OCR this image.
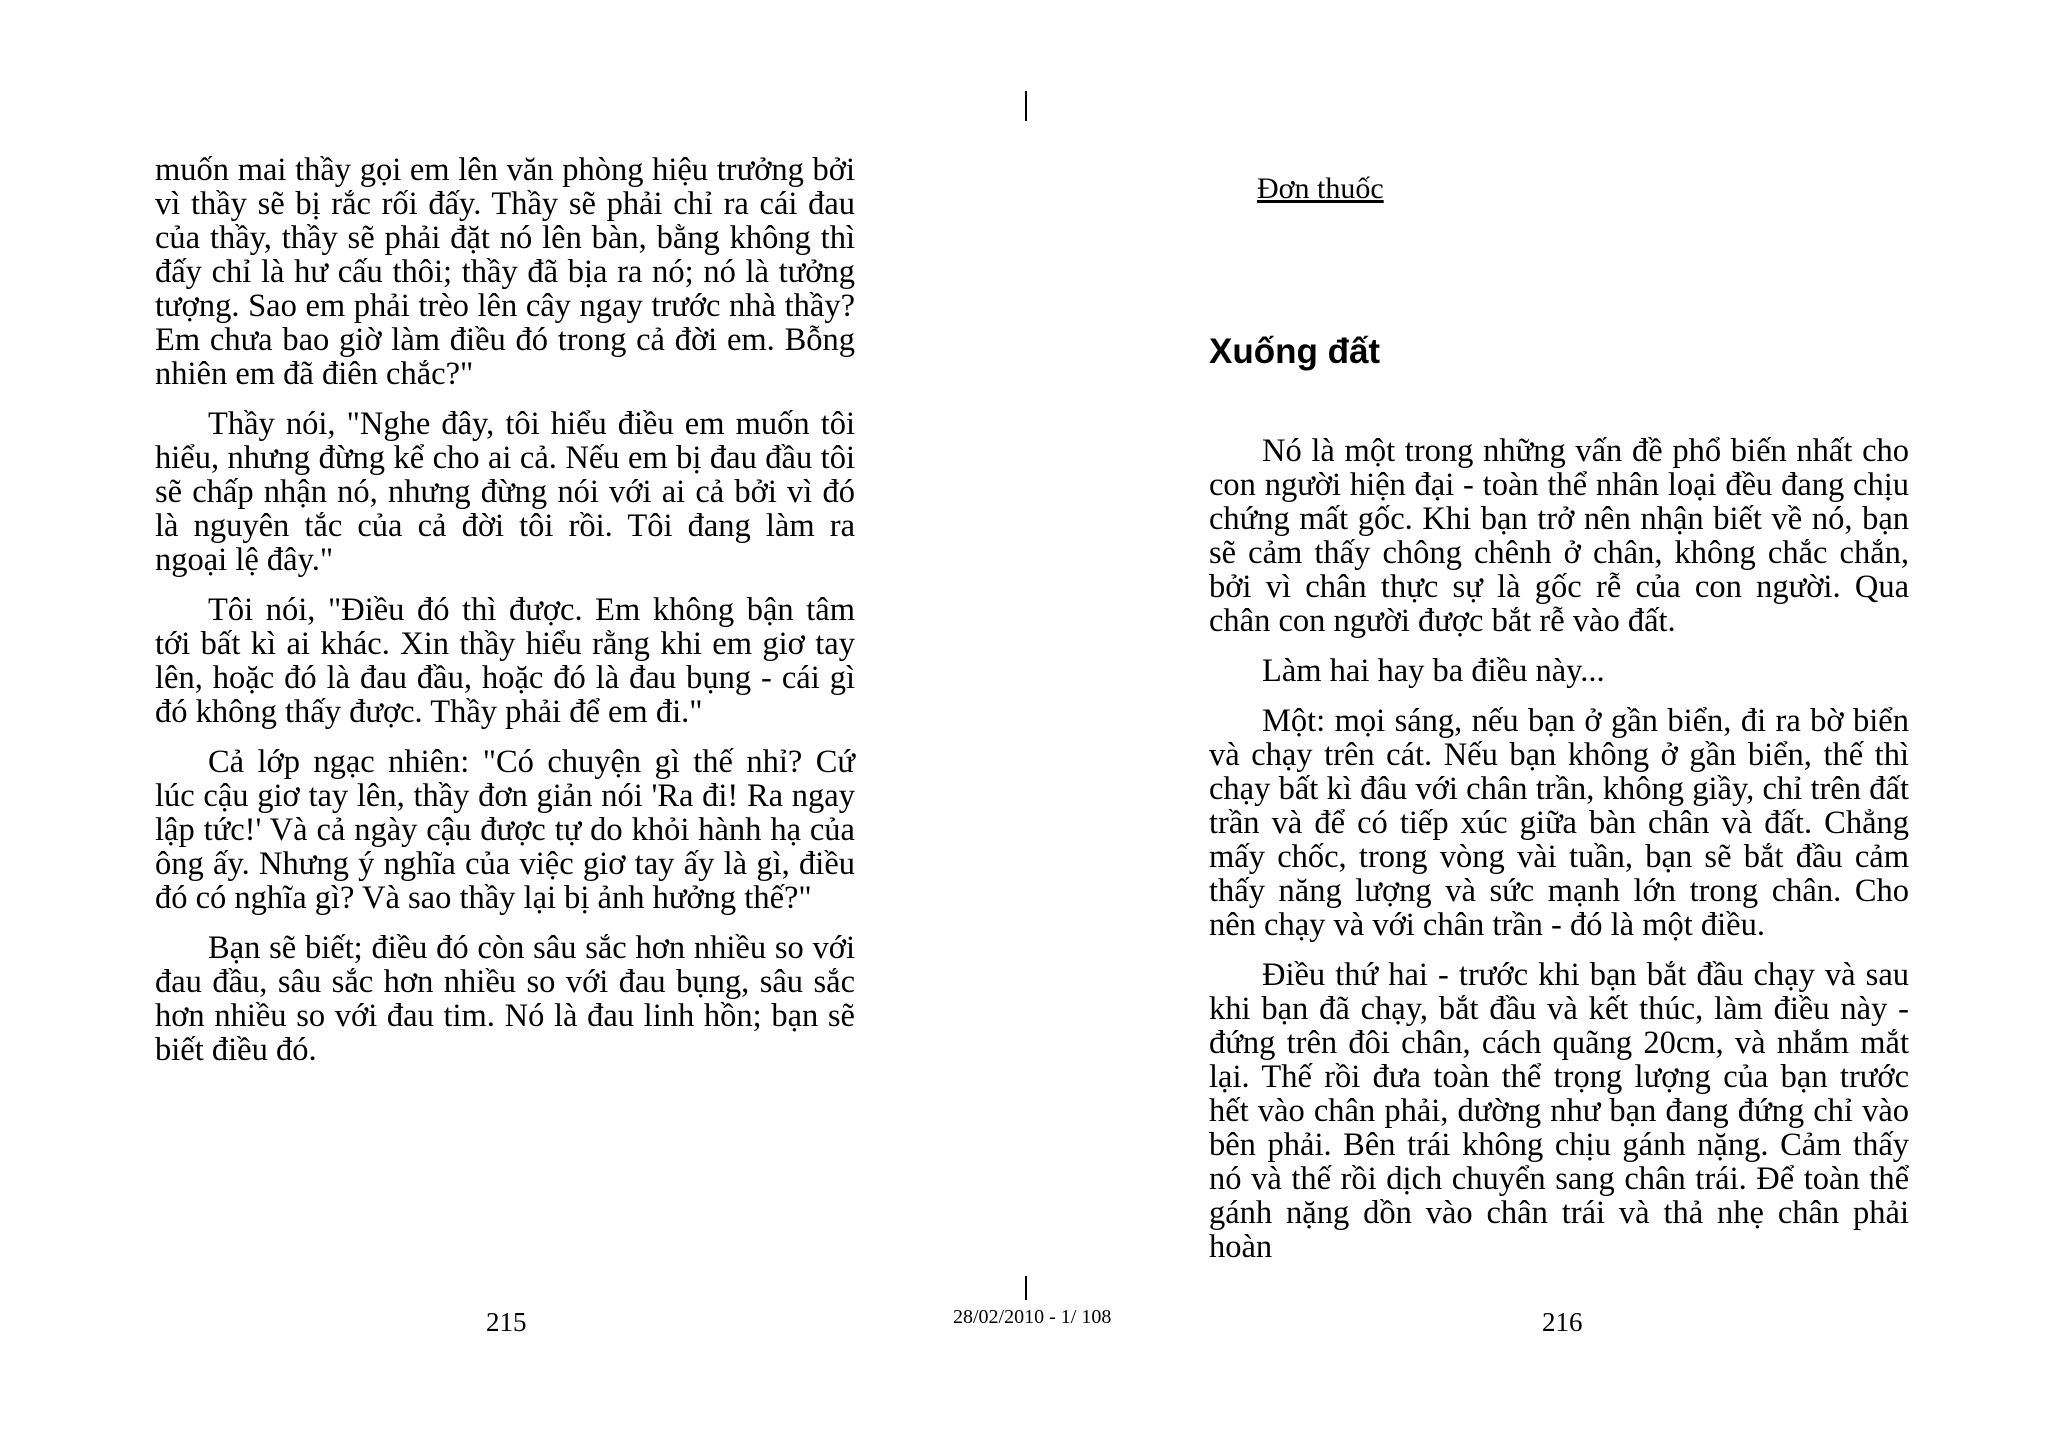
muốn mai thầy gọi em lên văn phòng hiệu trưởng bởi vì thầy sẽ bị rắc rối đấy. Thầy sẽ phải chỉ ra cái đau của thầy, thầy sẽ phải đặt nó lên bàn, bằng không thì đấy chỉ là hư cấu thôi; thầy đã bịa ra nó; nó là tưởng tượng. Sao em phải trèo lên cây ngay trước nhà thầy? Em chưa bao giờ làm điều đó trong cả đời em. Bỗng nhiên em đã điên chắc?"

Thầy nói, "Nghe đây, tôi hiểu điều em muốn tôi hiểu, nhưng đừng kể cho ai cả. Nếu em bị đau đầu tôi sẽ chấp nhận nó, nhưng đừng nói với ai cả bởi vì đó là nguyên tắc của cả đời tôi rồi. Tôi đang làm ra ngoại lệ đây."

Tôi nói, "Điều đó thì được. Em không bận tâm tới bất kì ai khác. Xin thầy hiểu rằng khi em giơ tay lên, hoặc đó là đau đầu, hoặc đó là đau bụng - cái gì đó không thấy được. Thầy phải để em đi."

Cả lớp ngạc nhiên: "Có chuyện gì thế nhỉ? Cứ lúc cậu giơ tay lên, thầy đơn giản nói 'Ra đi! Ra ngay lập tức!' Và cả ngày cậu được tự do khỏi hành hạ của ông ấy. Nhưng ý nghĩa của việc giơ tay ấy là gì, điều đó có nghĩa gì? Và sao thầy lại bị ảnh hưởng thế?"

Bạn sẽ biết; điều đó còn sâu sắc hơn nhiều so với đau đầu, sâu sắc hơn nhiều so với đau bụng, sâu sắc hơn nhiều so với đau tim. Nó là đau linh hồn; bạn sẽ biết điều đó.

215	28/02/2010 - 1/ 108
Đơn thuốc
Xuống đất

Nó là một trong những vấn đề phổ biến nhất cho con người hiện đại - toàn thể nhân loại đều đang chịu chứng mất gốc. Khi bạn trở nên nhận biết về nó, bạn sẽ cảm thấy chông chênh ở chân, không chắc chắn, bởi vì chân thực sự là gốc rễ của con người. Qua chân con người được bắt rễ vào đất.

Làm hai hay ba điều này...

Một: mọi sáng, nếu bạn ở gần biển, đi ra bờ biển và chạy trên cát. Nếu bạn không ở gần biển, thế thì chạy bất kì đâu với chân trần, không giầy, chỉ trên đất trần và để có tiếp xúc giữa bàn chân và đất. Chẳng mấy chốc, trong vòng vài tuần, bạn sẽ bắt đầu cảm thấy năng lượng và sức mạnh lớn trong chân. Cho nên chạy và với chân trần - đó là một điều.

Điều thứ hai - trước khi bạn bắt đầu chạy và sau khi bạn đã chạy, bắt đầu và kết thúc, làm điều này - đứng trên đôi chân, cách quãng 20cm, và nhắm mắt lại. Thế rồi đưa toàn thể trọng lượng của bạn trước hết vào chân phải, dường như bạn đang đứng chỉ vào bên phải. Bên trái không chịu gánh nặng. Cảm thấy nó và thế rồi dịch chuyển sang chân trái. Để toàn thể gánh nặng dồn vào chân trái và thả nhẹ chân phải hoàn

216
